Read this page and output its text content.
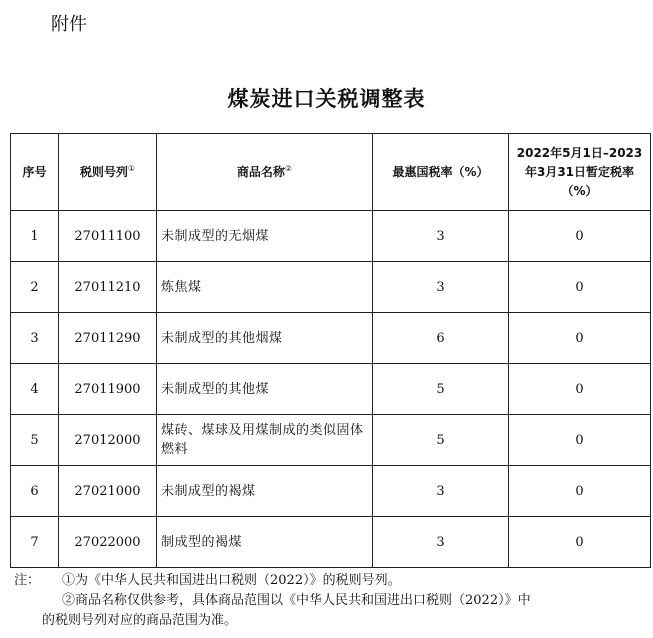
附件
煤炭进口关税调整表
序号	税则号列①	商品名称②	最惠国税率（%）	2022年5月1日–2023
年3月31日暂定税率
（%）

1	27011100	未制成型的无烟煤	3	0
2	27011210	炼焦煤	3	0
3	27011290	未制成型的其他烟煤	6	0
4	27011900	未制成型的其他煤	5	0
5	27012000	煤砖、煤球及用煤制成的类似固体燃料	5	0
6	27021000	未制成型的褐煤	3	0
7	27022000	制成型的褐煤	3	0
注： ①为《中华人民共和国进出口税则（2022）》的税则号列。
②商品名称仅供参考，具体商品范围以《中华人民共和国进出口税则（2022）》中
的税则号列对应的商品范围为准。
